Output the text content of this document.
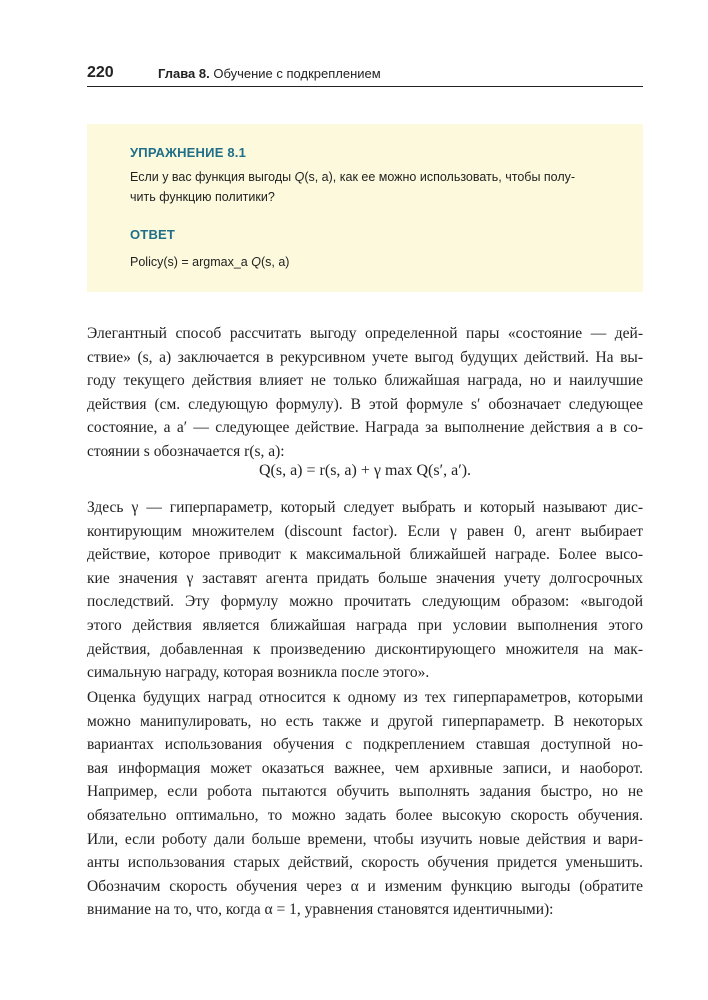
220	Глава 8. Обучение с подкреплением
УПРАЖНЕНИЕ 8.1
Если у вас функция выгоды Q(s, a), как ее можно использовать, чтобы полу-
чить функцию политики?
ОТВЕТ
Policy(s) = argmax_a Q(s, a)
Элегантный способ рассчитать выгоду определенной пары «состояние — дей-
ствие» (s, a) заключается в рекурсивном учете выгод будущих действий. На вы-
году текущего действия влияет не только ближайшая награда, но и наилучшие
действия (см. следующую формулу). В этой формуле s′ обозначает следующее
состояние, а a′ — следующее действие. Награда за выполнение действия a в со-
стоянии s обозначается r(s, a):
Q(s, a) = r(s, a) + γ max Q(s′, a′).
Здесь γ — гиперпараметр, который следует выбрать и который называют дис-
контирующим множителем (discount factor). Если γ равен 0, агент выбирает
действие, которое приводит к максимальной ближайшей награде. Более высо-
кие значения γ заставят агента придать больше значения учету долгосрочных
последствий. Эту формулу можно прочитать следующим образом: «выгодой
этого действия является ближайшая награда при условии выполнения этого
действия, добавленная к произведению дисконтирующего множителя на мак-
симальную награду, которая возникла после этого».
Оценка будущих наград относится к одному из тех гиперпараметров, которыми
можно манипулировать, но есть также и другой гиперпараметр. В некоторых
вариантах использования обучения с подкреплением ставшая доступной но-
вая информация может оказаться важнее, чем архивные записи, и наоборот.
Например, если робота пытаются обучить выполнять задания быстро, но не
обязательно оптимально, то можно задать более высокую скорость обучения.
Или, если роботу дали больше времени, чтобы изучить новые действия и вари-
анты использования старых действий, скорость обучения придется уменьшить.
Обозначим скорость обучения через α и изменим функцию выгоды (обратите
внимание на то, что, когда α = 1, уравнения становятся идентичными):
